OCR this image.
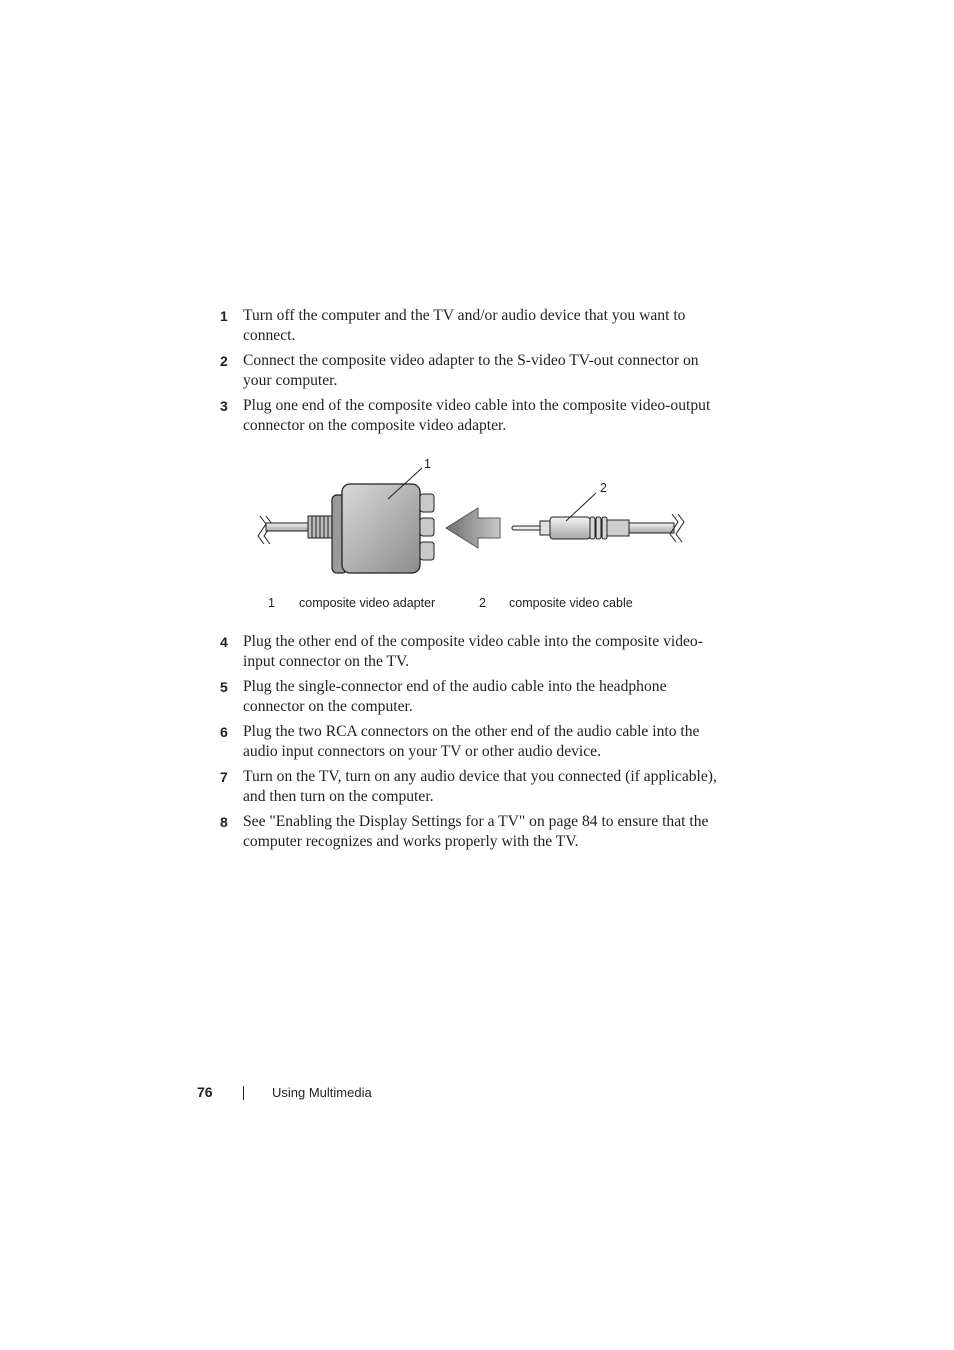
1 Turn off the computer and the TV and/or audio device that you want to connect.
2 Connect the composite video adapter to the S-video TV-out connector on your computer.
3 Plug one end of the composite video cable into the composite video-output connector on the composite video adapter.
1
2
1 composite video adapter	2 composite video cable
4 Plug the other end of the composite video cable into the composite video-input connector on the TV.
5 Plug the single-connector end of the audio cable into the headphone connector on the computer.
6 Plug the two RCA connectors on the other end of the audio cable into the audio input connectors on your TV or other audio device.
7 Turn on the TV, turn on any audio device that you connected (if applicable), and then turn on the computer.
8 See "Enabling the Display Settings for a TV" on page 84 to ensure that the computer recognizes and works properly with the TV.
76	Using Multimedia
